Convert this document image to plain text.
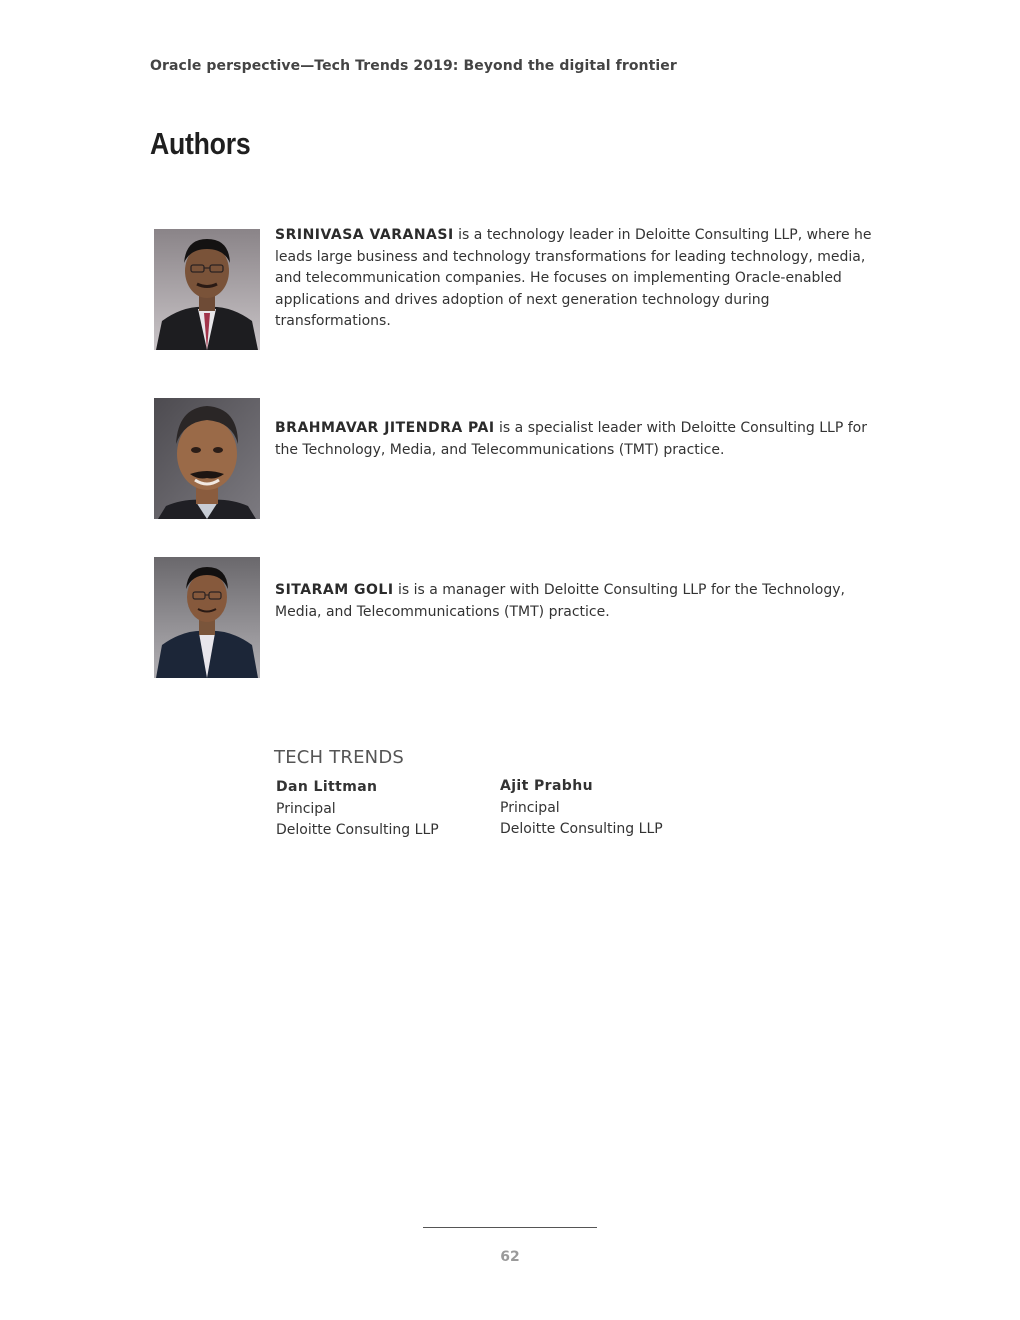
Oracle perspective—Tech Trends 2019: Beyond the digital frontier
Authors

SRINIVASA VARANASI is a technology leader in Deloitte Consulting LLP, where he leads large business and technology transformations for leading technology, media, and telecommunication companies. He focuses on implementing Oracle-enabled applications and drives adoption of next generation technology during transformations.

BRAHMAVAR JITENDRA PAI is a specialist leader with Deloitte Consulting LLP for the Technology, Media, and Telecommunications (TMT) practice.

SITARAM GOLI is is a manager with Deloitte Consulting LLP for the Technology, Media, and Telecommunications (TMT) practice.

TECH TRENDS
Dan Littman
Principal
Deloitte Consulting LLP
Ajit Prabhu
Principal
Deloitte Consulting LLP
62
